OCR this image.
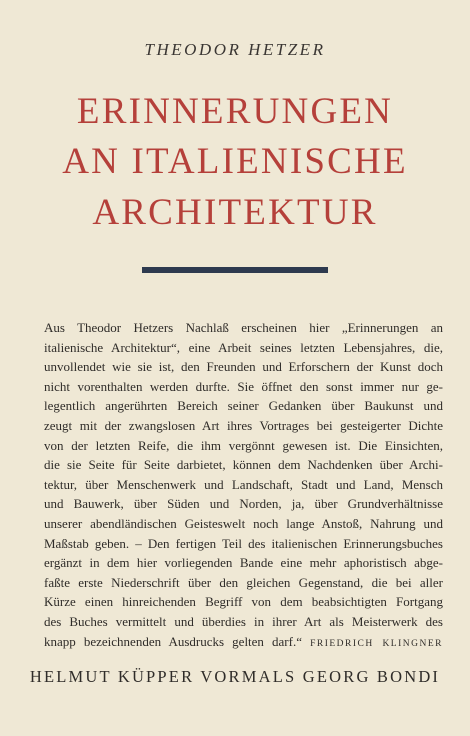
THEODOR HETZER
ERINNERUNGEN
AN ITALIENISCHE
ARCHITEKTUR
Aus Theodor Hetzers Nachlaß erscheinen hier „Erinnerungen an
italienische Architektur“, eine Arbeit seines letzten Lebensjahres, die,
unvollendet wie sie ist, den Freunden und Erforschern der Kunst doch
nicht vorenthalten werden durfte. Sie öffnet den sonst immer nur ge-
legentlich angerührten Bereich seiner Gedanken über Baukunst und
zeugt mit der zwangslosen Art ihres Vortrages bei gesteigerter Dichte
von der letzten Reife, die ihm vergönnt gewesen ist. Die Einsichten,
die sie Seite für Seite darbietet, können dem Nachdenken über Archi-
tektur, über Menschenwerk und Landschaft, Stadt und Land, Mensch
und Bauwerk, über Süden und Norden, ja, über Grundverhältnisse
unserer abendländischen Geisteswelt noch lange Anstoß, Nahrung und
Maßstab geben. – Den fertigen Teil des italienischen Erinnerungsbuches
ergänzt in dem hier vorliegenden Bande eine mehr aphoristisch abge-
faßte erste Niederschrift über den gleichen Gegenstand, die bei aller
Kürze einen hinreichenden Begriff von dem beabsichtigten Fortgang
des Buches vermittelt und überdies in ihrer Art als Meisterwerk des
knapp bezeichnenden Ausdrucks gelten darf.“ FRIEDRICH KLINGNER
HELMUT KÜPPER VORMALS GEORG BONDI
